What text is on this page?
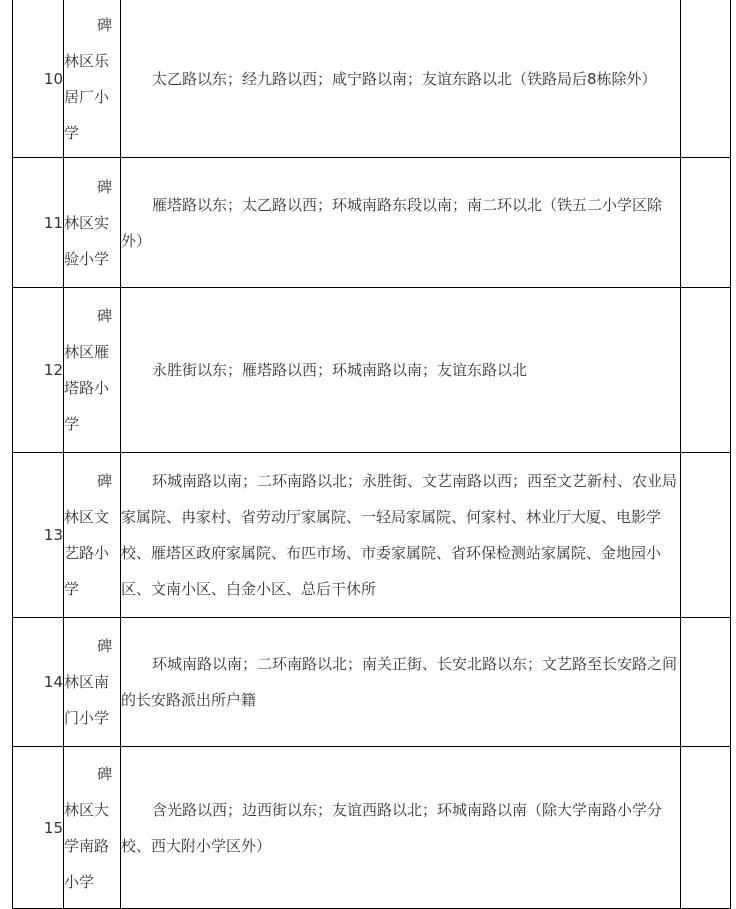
10	碑
林区乐
居厂小
学	太乙路以东；经九路以西；咸宁路以南；友谊东路以北（铁路局后8栋除外）	
11	碑
林区实
验小学	雁塔路以东；太乙路以西；环城南路东段以南；南二环以北（铁五二小学区除外）	
12	碑
林区雁
塔路小
学	永胜街以东；雁塔路以西；环城南路以南；友谊东路以北	
13	碑
林区文
艺路小
学	环城南路以南；二环南路以北；永胜街、文艺南路以西；西至文艺新村、农业局家属院、冉家村、省劳动厅家属院、一轻局家属院、何家村、林业厅大厦、电影学校、雁塔区政府家属院、布匹市场、市委家属院、省环保检测站家属院、金地园小区、文南小区、白金小区、总后干休所	
14	碑
林区南
门小学	环城南路以南；二环南路以北；南关正街、长安北路以东；文艺路至长安路之间的长安路派出所户籍	
15	碑
林区大
学南路
小学	含光路以西；边西街以东；友谊西路以北；环城南路以南（除大学南路小学分校、西大附小学区外）	
